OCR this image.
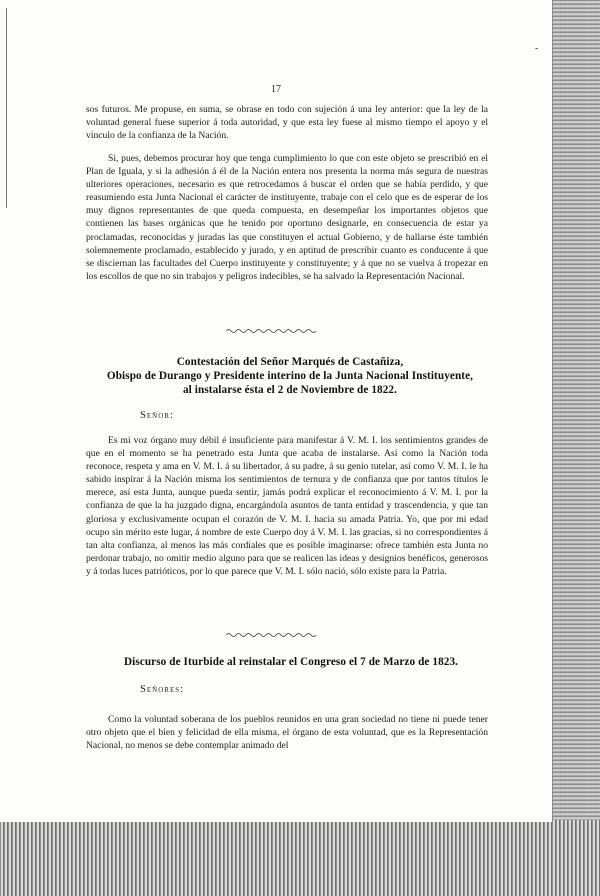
-
17

sos futuros. Me propuse, en suma, se obrase en todo con sujeción á una ley anterior: que la ley de la voluntad general fuese superior á toda autoridad, y que esta ley fuese al mismo tiempo el apoyo y el vínculo de la confianza de la Nación.

Si, pues, debemos procurar hoy que tenga cumplimiento lo que con este objeto se prescribió en el Plan de Iguala, y si la adhesión á él de la Nación entera nos presenta la norma más segura de nuestras ulteriores operaciones, necesario es que retrocedamos á buscar el orden que se había perdido, y que reasumiendo esta Junta Nacional el carácter de instituyente, trabaje con el celo que es de esperar de los muy dignos representantes de que queda compuesta, en desempeñar los importantes objetos que contienen las bases orgánicas que he tenido por oportuno designarle, en consecuencia de estar ya proclamadas, reconocidas y juradas las que constituyen el actual Gobierno, y de hallarse éste también solemnemente proclamado, establecido y jurado, y en aptitud de prescribir cuanto es conducente á que se disciernan las facultades del Cuerpo instituyente y constituyente; y á que no se vuelva á tropezar en los escollos de que no sin trabajos y peligros indecibles, se ha salvado la Representación Nacional.

Contestación del Señor Marqués de Castañiza,
Obispo de Durango y Presidente interino de la Junta Nacional Instituyente,
al instalarse ésta el 2 de Noviembre de 1822.
Señor:

Es mi voz órgano muy débil é insuficiente para manifestar á V. M. I. los sentimientos grandes de que en el momento se ha penetrado esta Junta que acaba de instalarse. Así como la Nación toda reconoce, respeta y ama en V. M. I. á su libertador, á su padre, á su genio tutelar, así como V. M. I. le ha sabido inspirar á la Nación misma los sentimientos de ternura y de confianza que por tantos títulos le merece, así esta Junta, aunque pueda sentir, jamás podrá explicar el reconocimiento á V. M. I. por la confianza de que la ha juzgado digna, encargándola asuntos de tanta entidad y trascendencia, y que tan gloriosa y exclusivamente ocupan el corazón de V. M. I. hacia su amada Patria. Yo, que por mi edad ocupo sin mérito este lugar, á nombre de este Cuerpo doy á V. M. I. las gracias, si no correspondientes á tan alta confianza, al menos las más cordiales que es posible imaginarse: ofrece también esta Junta no perdonar trabajo, no omitir medio alguno para que se realicen las ideas y designios benéficos, generosos y á todas luces patrióticos, por lo que parece que V. M. I. sólo nació, sólo existe para la Patria.

Discurso de Iturbide al reinstalar el Congreso el 7 de Marzo de 1823.
Señores:

Como la voluntad soberana de los pueblos reunidos en una gran sociedad no tiene ni puede tener otro objeto que el bien y felicidad de ella misma, el órgano de esta voluntad, que es la Representación Nacional, no menos se debe contemplar animado del
